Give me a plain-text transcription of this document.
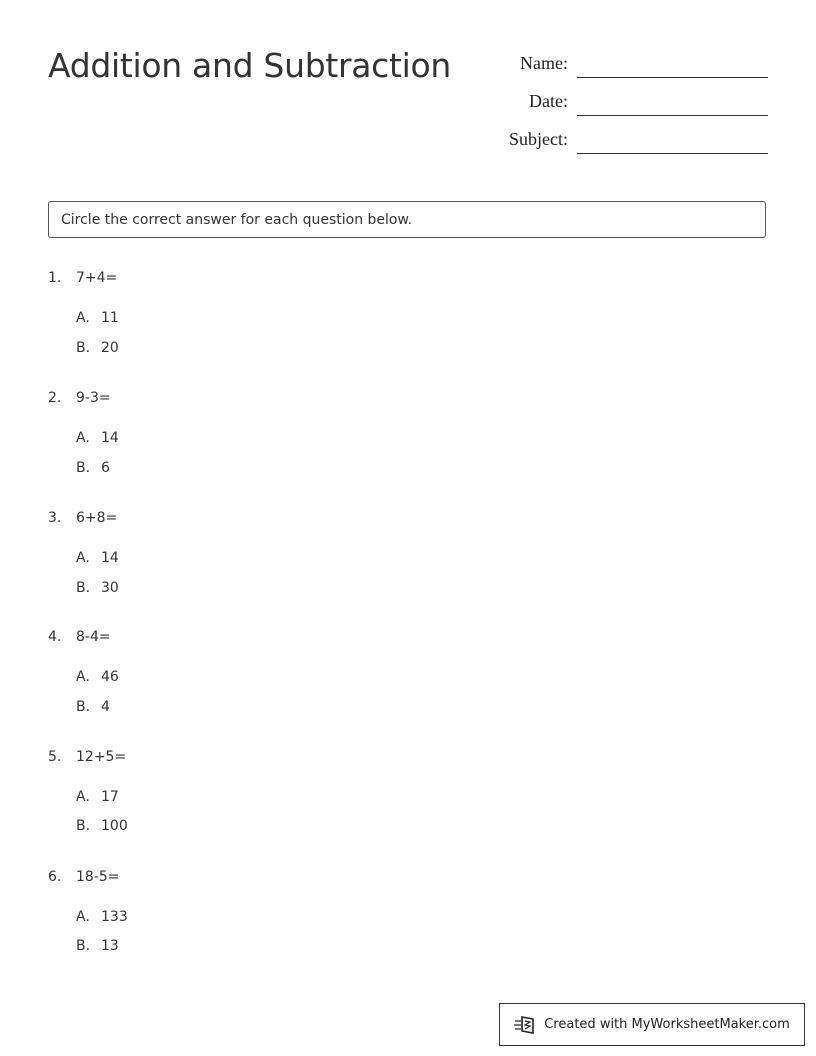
Addition and Subtraction	Name:
Date:
Subject:
Circle the correct answer for each question below.
1. 7+4=
A. 11
B. 20
2. 9-3=
A. 14
B. 6
3. 6+8=
A. 14
B. 30
4. 8-4=
A. 46
B. 4
5. 12+5=
A. 17
B. 100
6. 18-5=
A. 133
B. 13
Created with MyWorksheetMaker.com
